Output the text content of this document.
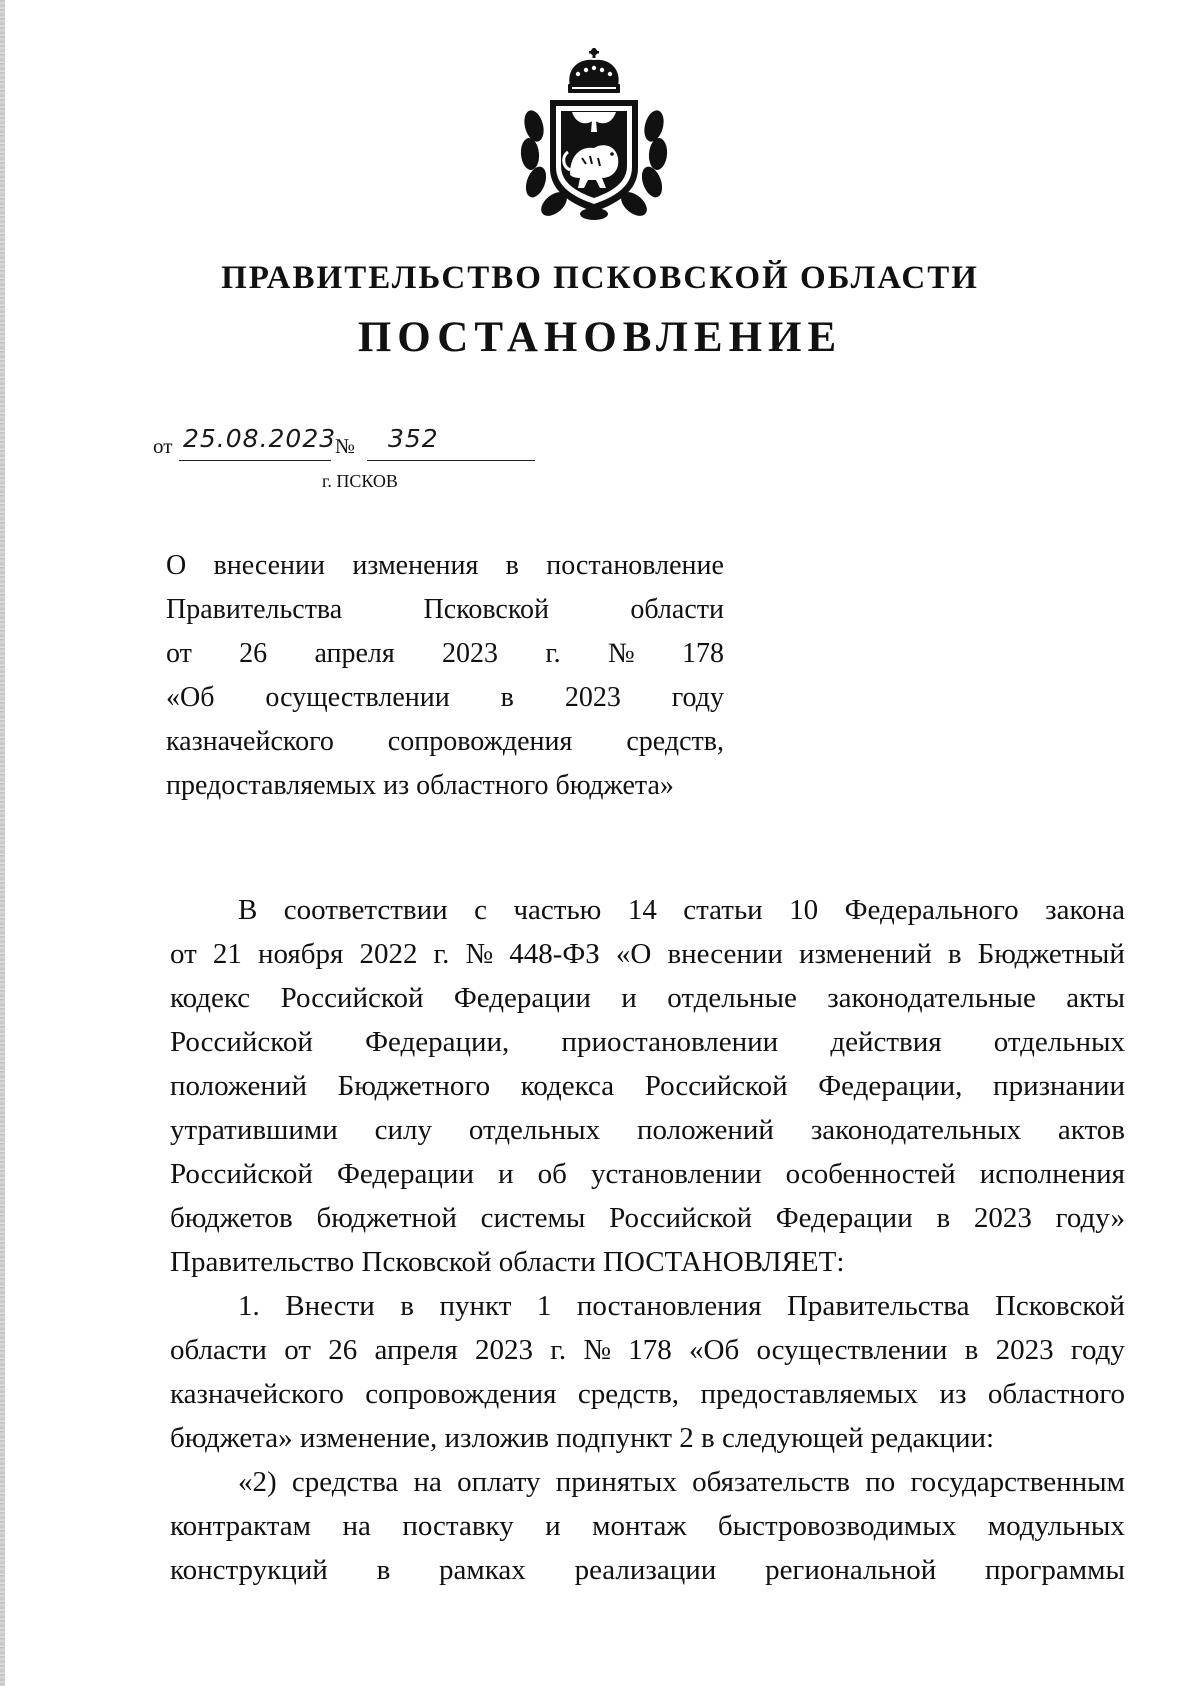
ПРАВИТЕЛЬСТВО ПСКОВСКОЙ ОБЛАСТИ
ПОСТАНОВЛЕНИЕ
от 25.08.2023
№ 352
г. ПСКОВ
О внесении изменения в постановление
Правительства	Псковской	области
от 26 апреля 2023 г. № 178
«Об осуществлении в 2023 году
казначейского сопровождения средств,
предоставляемых из областного бюджета»
В соответствии с частью 14 статьи 10 Федерального закона
от 21 ноября 2022 г. № 448-ФЗ «О внесении изменений в Бюджетный
кодекс Российской Федерации и отдельные законодательные акты
Российской Федерации, приостановлении действия отдельных
положений Бюджетного кодекса Российской Федерации, признании
утратившими силу отдельных положений законодательных актов
Российской Федерации и об установлении особенностей исполнения
бюджетов бюджетной системы Российской Федерации в 2023 году»
Правительство Псковской области ПОСТАНОВЛЯЕТ:
1. Внести в пункт 1 постановления Правительства Псковской
области от 26 апреля 2023 г. № 178 «Об осуществлении в 2023 году
казначейского сопровождения средств, предоставляемых из областного
бюджета» изменение, изложив подпункт 2 в следующей редакции:
«2) средства на оплату принятых обязательств по государственным
контрактам на поставку и монтаж быстровозводимых модульных
конструкций в рамках реализации региональной программы
